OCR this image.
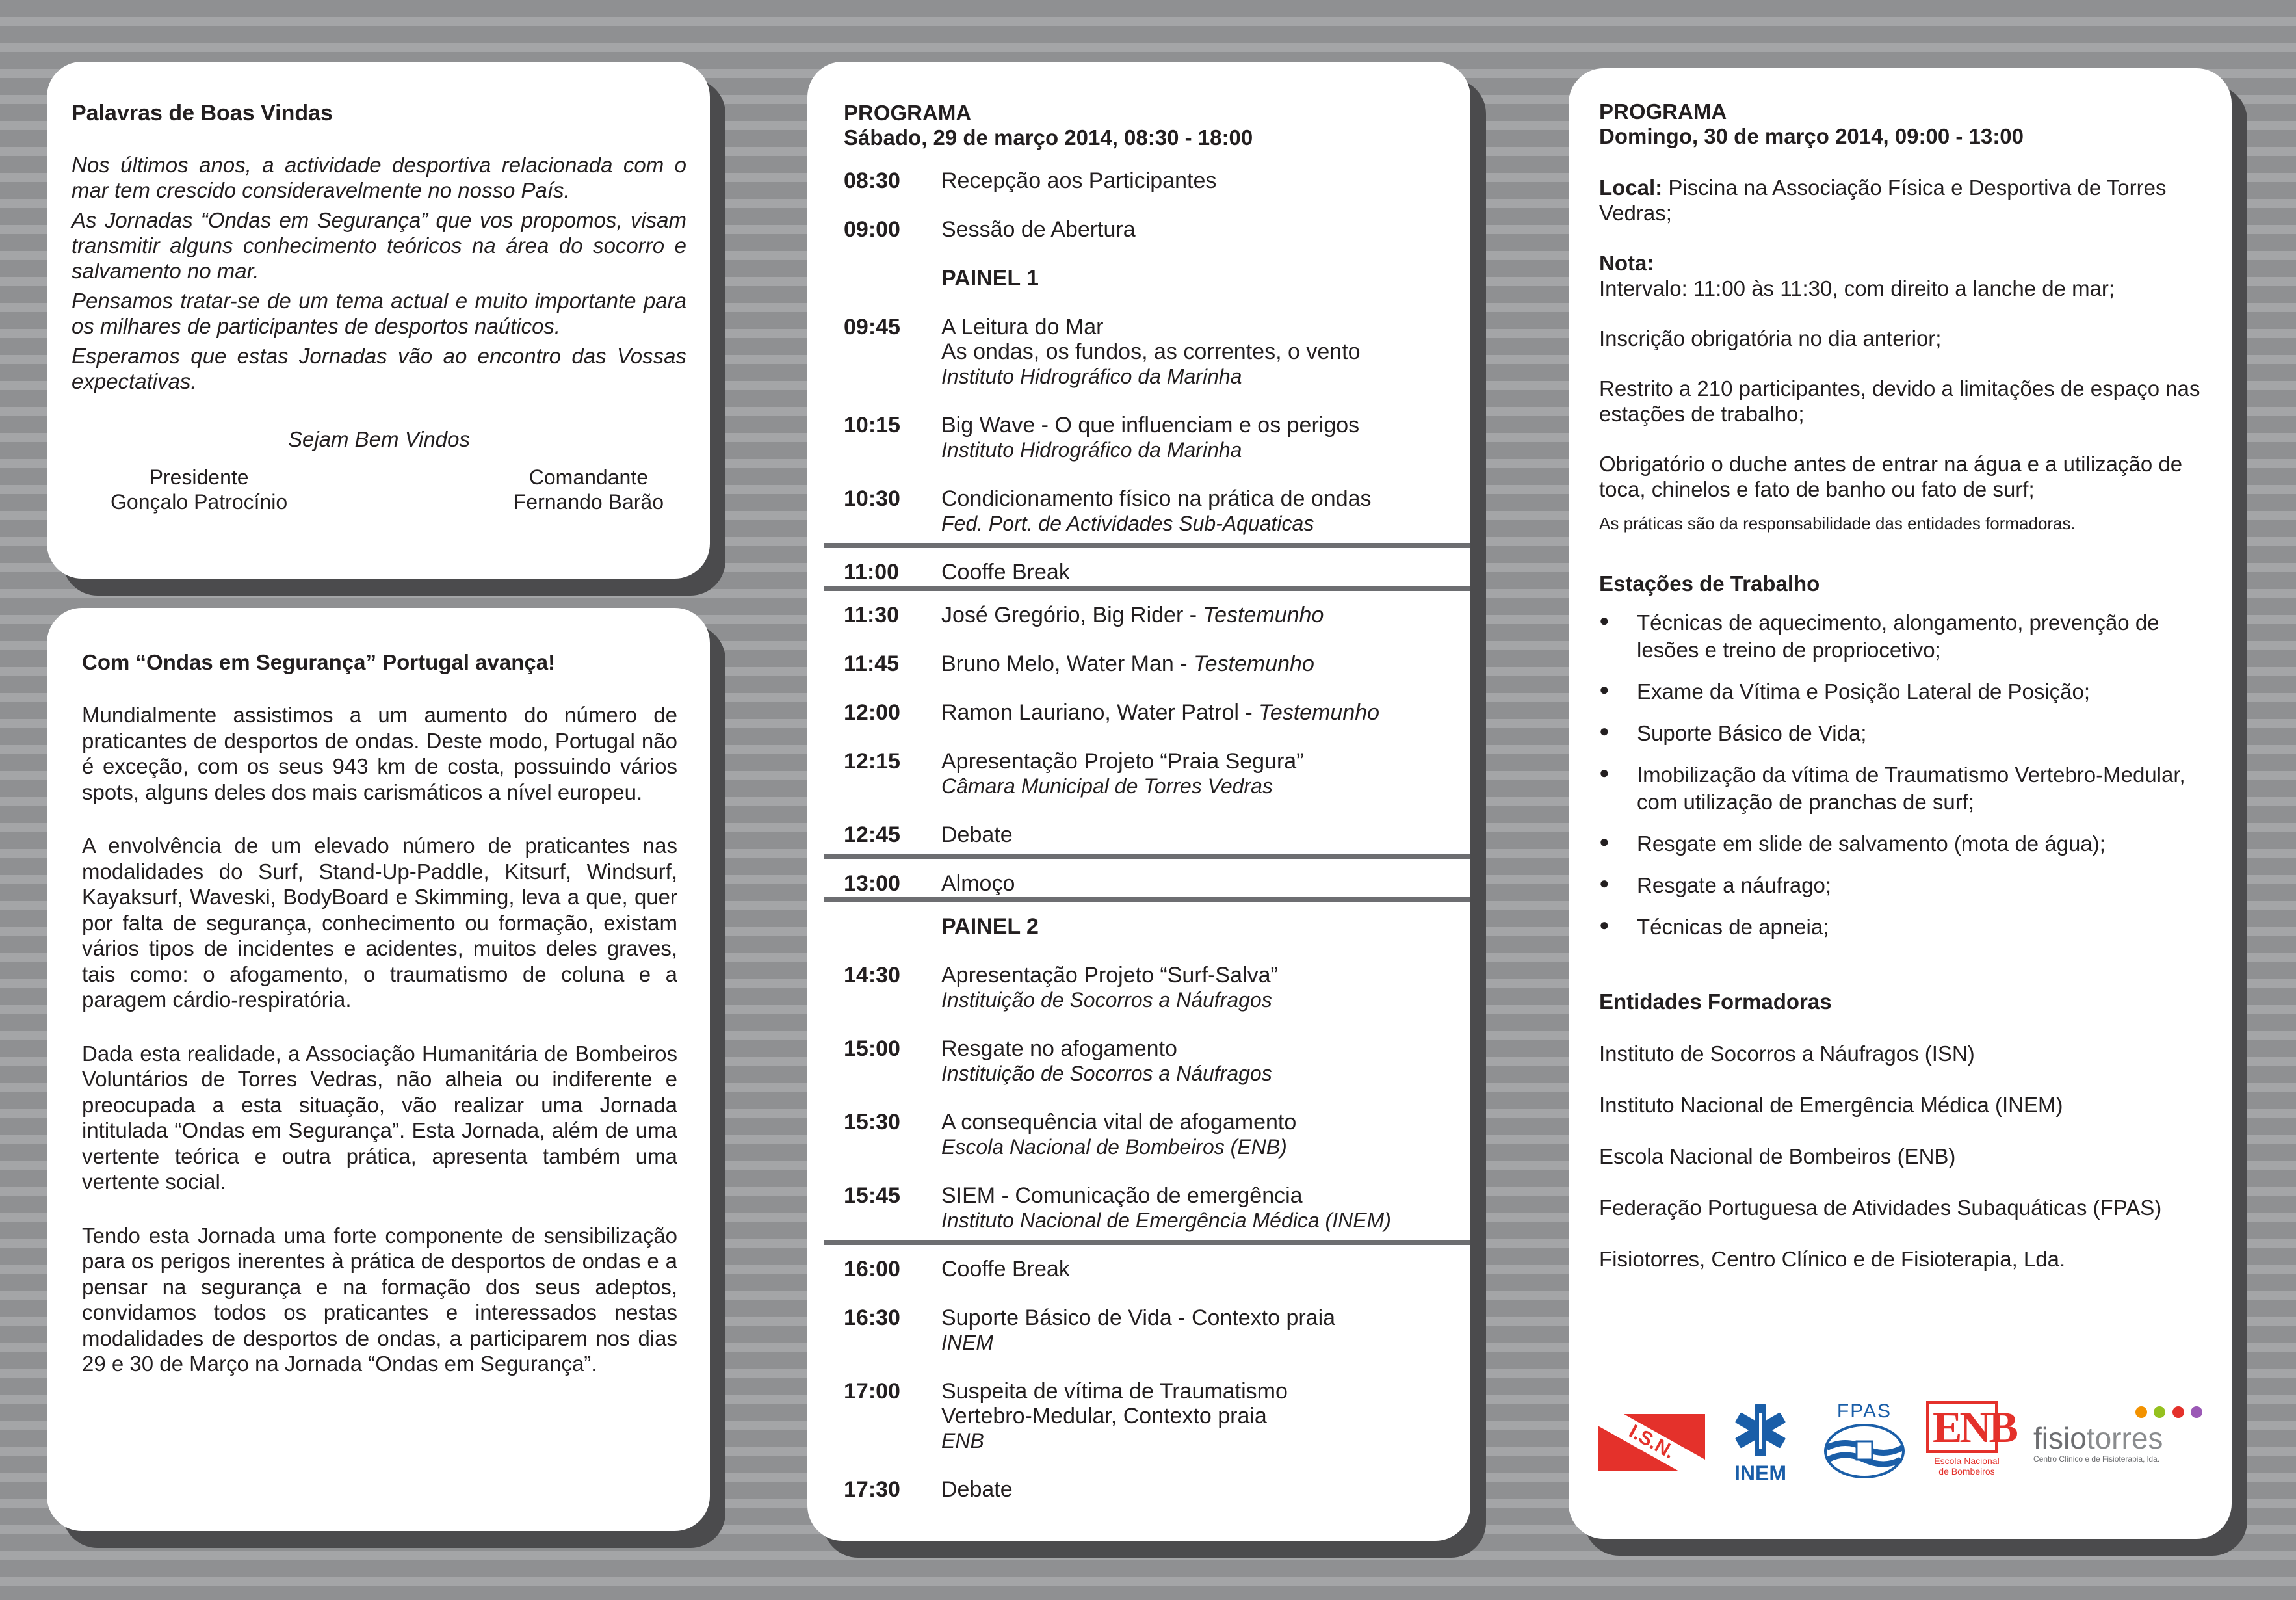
Palavras de Boas Vindas

Nos últimos anos, a actividade desportiva relacionada com o mar tem crescido consideravelmente no nosso País.

As Jornadas “Ondas em Segurança” que vos propomos, visam transmitir alguns conhecimento teóricos na área do socorro e salvamento no mar.

Pensamos tratar-se de um tema actual e muito importante para os milhares de participantes de desportos naúticos.

Esperamos que estas Jornadas vão ao encontro das Vossas expectativas.

Sejam Bem Vindos
Presidente
Gonçalo Patrocínio
Comandante
Fernando Barão
Com “Ondas em Segurança” Portugal avança!

Mundialmente assistimos a um aumento do número de praticantes de desportos de ondas. Deste modo, Portugal não é exceção, com os seus 943 km de costa, possuindo vários spots, alguns deles dos mais carismáticos a nível europeu.

A envolvência de um elevado número de praticantes nas modalidades do Surf, Stand-Up-Paddle, Kitsurf, Windsurf, Kayaksurf, Waveski, BodyBoard e Skimming, leva a que, quer por falta de segurança, conhecimento ou formação, existam vários tipos de incidentes e acidentes, muitos deles graves, tais como: o afogamento, o traumatismo de coluna e a paragem cárdio-respiratória.

Dada esta realidade, a Associação Humanitária de Bombeiros Voluntários de Torres Vedras, não alheia ou indiferente e preocupada a esta situação, vão realizar uma Jornada intitulada “Ondas em Segurança”. Esta Jornada, além de uma vertente teórica e outra prática, apresenta também uma vertente social.

Tendo esta Jornada uma forte componente de sensibilização para os perigos inerentes à prática de desportos de ondas e a pensar na segurança e na formação dos seus adeptos, convidamos todos os praticantes e interessados nestas modalidades de desportos de ondas, a participarem nos dias 29 e 30 de Março na Jornada “Ondas em Segurança”.

PROGRAMA
Sábado, 29 de março 2014, 08:30 - 18:00
08:30	Recepção aos Participantes
09:00	Sessão de Abertura
PAINEL 1
09:45	A Leitura do Mar
As ondas, os fundos, as correntes, o vento
Instituto Hidrográfico da Marinha
10:15	Big Wave - O que influenciam e os perigos
Instituto Hidrográfico da Marinha
10:30	Condicionamento físico na prática de ondas
Fed. Port. de Actividades Sub-Aquaticas
11:00	Cooffe Break
11:30	José Gregório, Big Rider - Testemunho
11:45	Bruno Melo, Water Man - Testemunho
12:00	Ramon Lauriano, Water Patrol - Testemunho
12:15	Apresentação Projeto “Praia Segura”
Câmara Municipal de Torres Vedras
12:45	Debate
13:00	Almoço
PAINEL 2
14:30	Apresentação Projeto “Surf-Salva”
Instituição de Socorros a Náufragos
15:00	Resgate no afogamento
Instituição de Socorros a Náufragos
15:30	A consequência vital de afogamento
Escola Nacional de Bombeiros (ENB)
15:45	SIEM - Comunicação de emergência
Instituto Nacional de Emergência Médica (INEM)
16:00	Cooffe Break
16:30	Suporte Básico de Vida - Contexto praia
INEM
17:00	Suspeita de vítima de Traumatismo
Vertebro-Medular, Contexto praia
ENB
17:30	Debate
PROGRAMA
Domingo, 30 de março 2014, 09:00 - 13:00

Local: Piscina na Associação Física e Desportiva de Torres Vedras;

Nota:
Intervalo: 11:00 às 11:30, com direito a lanche de mar;

Inscrição obrigatória no dia anterior;

Restrito a 210 participantes, devido a limitações de espaço nas estações de trabalho;

Obrigatório o duche antes de entrar na água e a utilização de toca, chinelos e fato de banho ou fato de surf;

As práticas são da responsabilidade das entidades formadoras.

Estações de Trabalho
● Técnicas de aquecimento, alongamento, prevenção de lesões e treino de propriocetivo;
● Exame da Vítima e Posição Lateral de Posição;
● Suporte Básico de Vida;
● Imobilização da vítima de Traumatismo Vertebro-Medular, com utilização de pranchas de surf;
● Resgate em slide de salvamento (mota de água);
● Resgate a náufrago;
● Técnicas de apneia;
Entidades Formadoras

Instituto de Socorros a Náufragos (ISN)

Instituto Nacional de Emergência Médica (INEM)

Escola Nacional de Bombeiros (ENB)

Federação Portuguesa de Atividades Subaquáticas (FPAS)

Fisiotorres, Centro Clínico e de Fisioterapia, Lda.

I.S.N.
INEM
FPAS ENB
Escola Nacional
de Bombeiros

fisiotorres
Centro Clínico e de Fisioterapia, lda.
